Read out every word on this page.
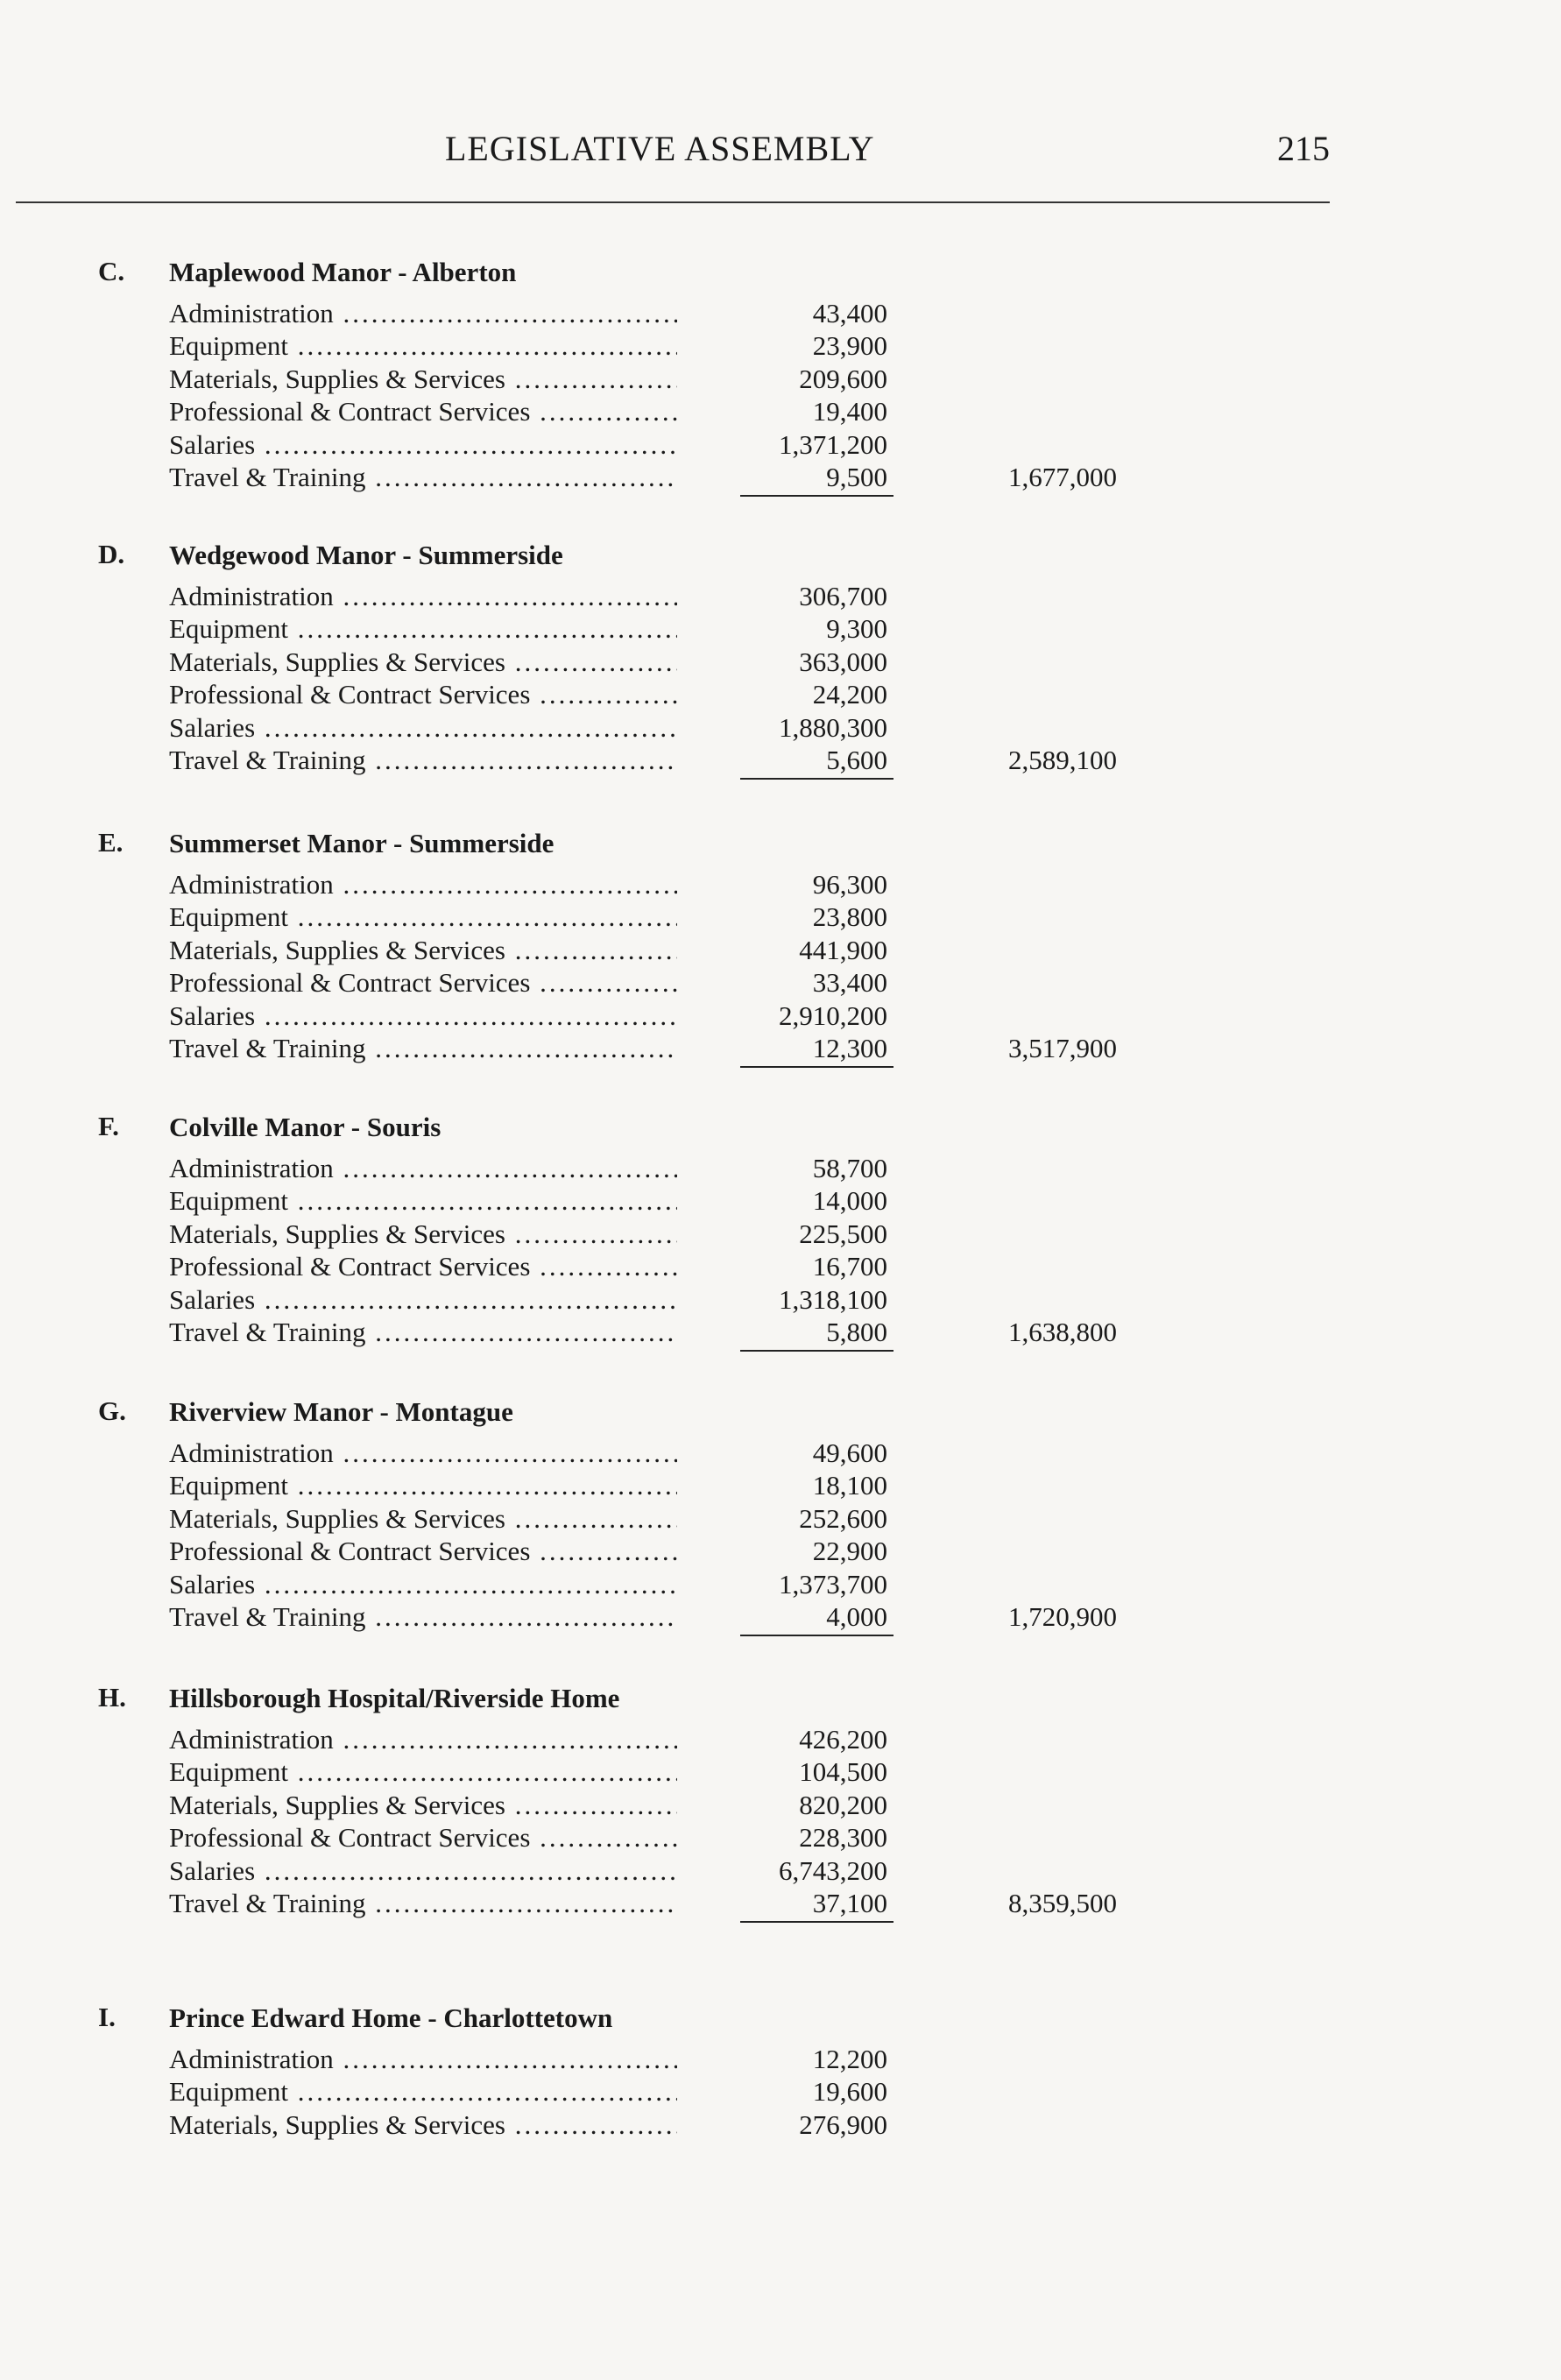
LEGISLATIVE ASSEMBLY	215
C. Maplewood Manor - Alberton
Administration .....	43,400
Equipment .....	23,900
Materials, Supplies & Services .....	209,600
Professional & Contract Services .....	19,400
Salaries .....	1,371,200
Travel & Training .....	9,500	1,677,000
D. Wedgewood Manor - Summerside
Administration .....	306,700
Equipment .....	9,300
Materials, Supplies & Services .....	363,000
Professional & Contract Services .....	24,200
Salaries .....	1,880,300
Travel & Training .....	5,600	2,589,100
E. Summerset Manor - Summerside
Administration .....	96,300
Equipment .....	23,800
Materials, Supplies & Services .....	441,900
Professional & Contract Services .....	33,400
Salaries .....	2,910,200
Travel & Training .....	12,300	3,517,900
F. Colville Manor - Souris
Administration .....	58,700
Equipment .....	14,000
Materials, Supplies & Services .....	225,500
Professional & Contract Services .....	16,700
Salaries .....	1,318,100
Travel & Training .....	5,800	1,638,800
G. Riverview Manor - Montague
Administration .....	49,600
Equipment .....	18,100
Materials, Supplies & Services .....	252,600
Professional & Contract Services .....	22,900
Salaries .....	1,373,700
Travel & Training .....	4,000	1,720,900
H. Hillsborough Hospital/Riverside Home
Administration .....	426,200
Equipment .....	104,500
Materials, Supplies & Services .....	820,200
Professional & Contract Services .....	228,300
Salaries .....	6,743,200
Travel & Training .....	37,100	8,359,500
I. Prince Edward Home - Charlottetown
Administration .....	12,200
Equipment .....	19,600
Materials, Supplies & Services .....	276,900
